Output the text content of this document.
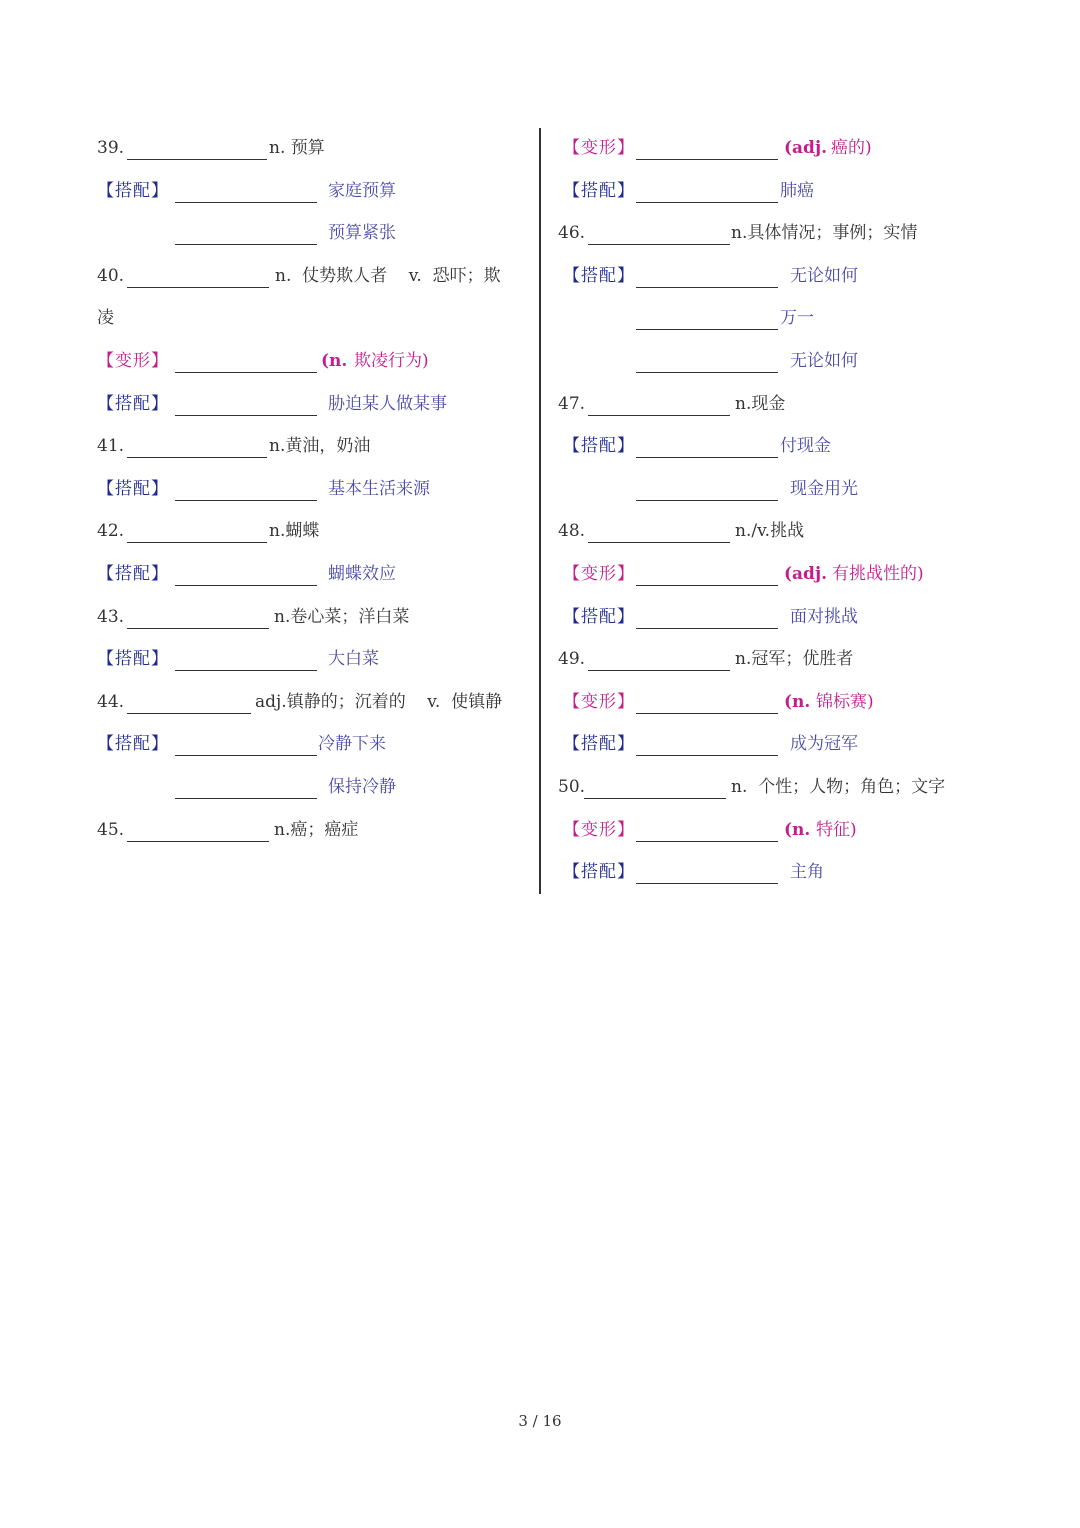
39.	n. 预算
【搭配】	家庭预算
预算紧张
40.	n.  仗势欺人者    v.  恐吓；欺
凌
【变形】	(n. 欺凌行为)
【搭配】	胁迫某人做某事
41.	n.黄油，奶油
【搭配】	基本生活来源
42.	n.蝴蝶
【搭配】	蝴蝶效应
43.	n.卷心菜；洋白菜
【搭配】	大白菜
44.	adj.镇静的；沉着的    v.  使镇静
【搭配】	冷静下来
保持冷静
45.	n.癌；癌症
【变形】	(adj. 癌的)
【搭配】	肺癌
46.	n.具体情况；事例；实情
【搭配】	无论如何
万一
无论如何
47.	n.现金
【搭配】	付现金
现金用光
48.	n./v.挑战
【变形】	(adj. 有挑战性的)
【搭配】	面对挑战
49.	n.冠军；优胜者
【变形】	(n. 锦标赛)
【搭配】	成为冠军
50.	n.  个性；人物；角色；文字
【变形】	(n. 特征)
【搭配】	主角
3 / 16
